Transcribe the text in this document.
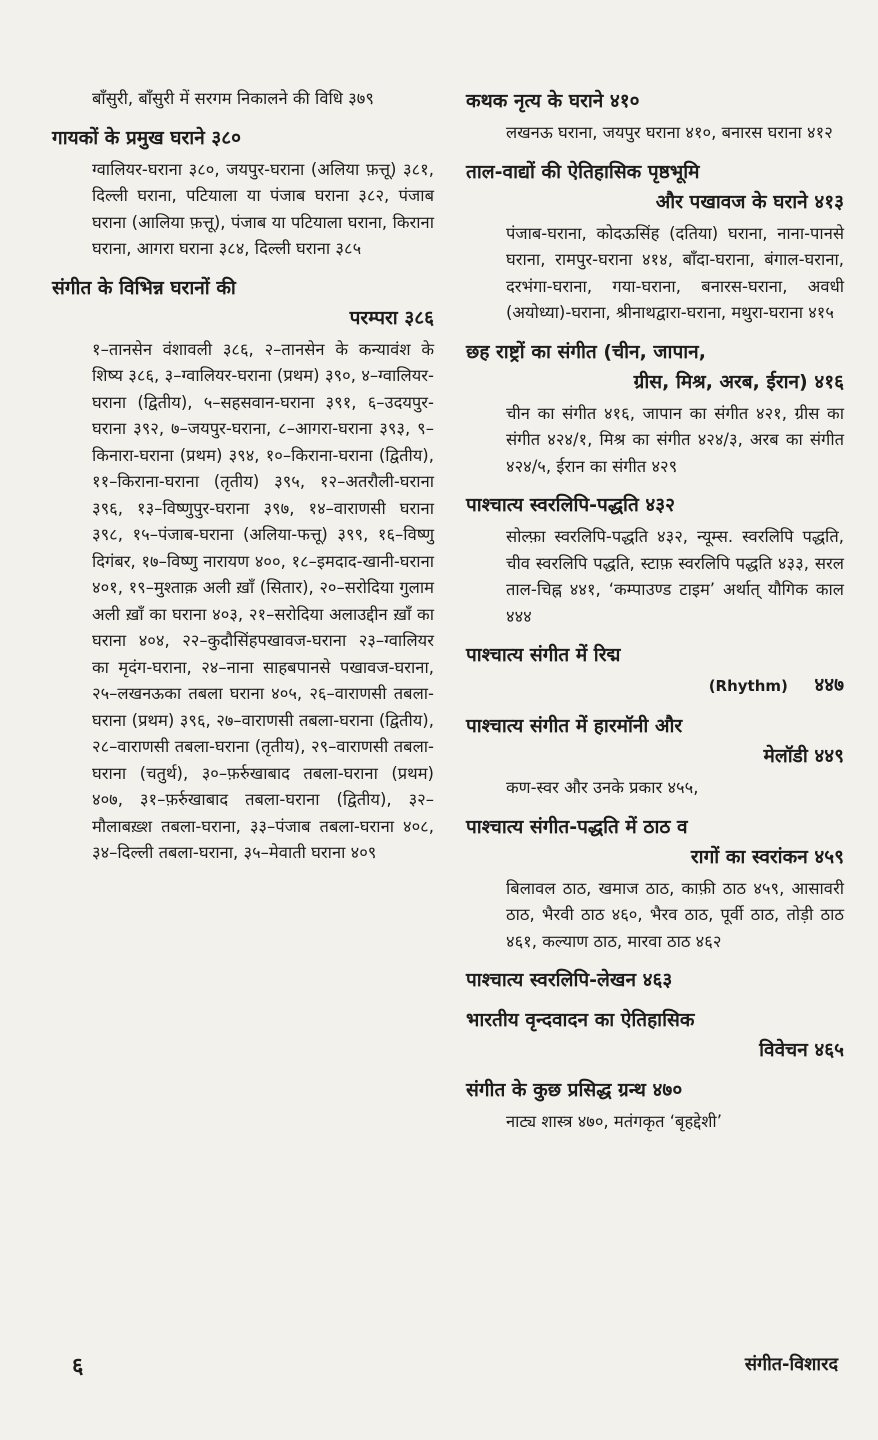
बाँसुरी, बाँसुरी में सरगम निकालने की विधि ३७९
गायकों के प्रमुख घराने ३८०
ग्वालियर-घराना ३८०, जयपुर-घराना (अलिया फ़त्तू) ३८१, दिल्ली घराना, पटियाला या पंजाब घराना ३८२, पंजाब घराना (आलिया फ़त्तू), पंजाब या पटियाला घराना, किराना घराना, आगरा घराना ३८४, दिल्ली घराना ३८५
संगीत के विभिन्न घरानों की
परम्परा ३८६
१–तानसेन वंशावली ३८६, २–तानसेन के कन्यावंश के शिष्य ३८६, ३–ग्वालियर-घराना (प्रथम) ३९०, ४–ग्वालियर-घराना (द्वितीय), ५–सहसवान-घराना ३९१, ६–उदयपुर-घराना ३९२, ७–जयपुर-घराना, ८–आगरा-घराना ३९३, ९–किनारा-घराना (प्रथम) ३९४, १०–किराना-घराना (द्वितीय), ११–किराना-घराना (तृतीय) ३९५, १२–अतरौली-घराना ३९६, १३–विष्णुपुर-घराना ३९७, १४–वाराणसी घराना ३९८, १५–पंजाब-घराना (अलिया-फत्तू) ३९९, १६–विष्णु दिगंबर, १७–विष्णु नारायण ४००, १८–इमदाद-खानी-घराना ४०१, १९–मुश्ताक़ अली ख़ाँ (सितार), २०–सरोदिया गुलाम अली ख़ाँ का घराना ४०३, २१–सरोदिया अलाउद्दीन ख़ाँ का घराना ४०४, २२–कुदौसिंहपखावज-घराना २३–ग्वालियर का मृदंग-घराना, २४–नाना साहबपानसे पखावज-घराना, २५–लखनऊका तबला घराना ४०५, २६–वाराणसी तबला-घराना (प्रथम) ३९६, २७–वाराणसी तबला-घराना (द्वितीय), २८–वाराणसी तबला-घराना (तृतीय), २९–वाराणसी तबला-घराना (चतुर्थ), ३०–फ़र्रुखाबाद तबला-घराना (प्रथम) ४०७, ३१–फ़र्रुखाबाद तबला-घराना (द्वितीय), ३२–मौलाबख़्श तबला-घराना, ३३–पंजाब तबला-घराना ४०८, ३४–दिल्ली तबला-घराना, ३५–मेवाती घराना ४०९
कथक नृत्य के घराने ४१०
लखनऊ घराना, जयपुर घराना ४१०, बनारस घराना ४१२
ताल-वाद्यों की ऐतिहासिक पृष्ठभूमि
और पखावज के घराने ४१३
पंजाब-घराना, कोदऊसिंह (दतिया) घराना, नाना-पानसे घराना, रामपुर-घराना ४१४, बाँदा-घराना, बंगाल-घराना, दरभंगा-घराना, गया-घराना, बनारस-घराना, अवधी (अयोध्या)-घराना, श्रीनाथद्वारा-घराना, मथुरा-घराना ४१५
छह राष्ट्रों का संगीत (चीन, जापान,
ग्रीस, मिश्र, अरब, ईरान) ४१६
चीन का संगीत ४१६, जापान का संगीत ४२१, ग्रीस का संगीत ४२४/१, मिश्र का संगीत ४२४/३, अरब का संगीत ४२४/५, ईरान का संगीत ४२९
पाश्चात्य स्वरलिपि-पद्धति ४३२
सोल्फ़ा स्वरलिपि-पद्धति ४३२, न्यूम्स. स्वरलिपि पद्धति, चीव स्वरलिपि पद्धति, स्टाफ़ स्वरलिपि पद्धति ४३३, सरल ताल-चिह्न ४४१, ‘कम्पाउण्ड टाइम’ अर्थात् यौगिक काल ४४४
पाश्चात्य संगीत में रिद्म
(Rhythm) ४४७
पाश्चात्य संगीत में हारमॉनी और
मेलॉडी ४४९
कण-स्वर और उनके प्रकार ४५५,
पाश्चात्य संगीत-पद्धति में ठाठ व
रागों का स्वरांकन ४५९
बिलावल ठाठ, खमाज ठाठ, काफ़ी ठाठ ४५९, आसावरी ठाठ, भैरवी ठाठ ४६०, भैरव ठाठ, पूर्वी ठाठ, तोड़ी ठाठ ४६१, कल्याण ठाठ, मारवा ठाठ ४६२
पाश्चात्य स्वरलिपि-लेखन ४६३
भारतीय वृन्दवादन का ऐतिहासिक
विवेचन ४६५
संगीत के कुछ प्रसिद्ध ग्रन्थ ४७०
नाट्य शास्त्र ४७०, मतंगकृत ‘बृहद्देशी’
६	संगीत-विशारद
